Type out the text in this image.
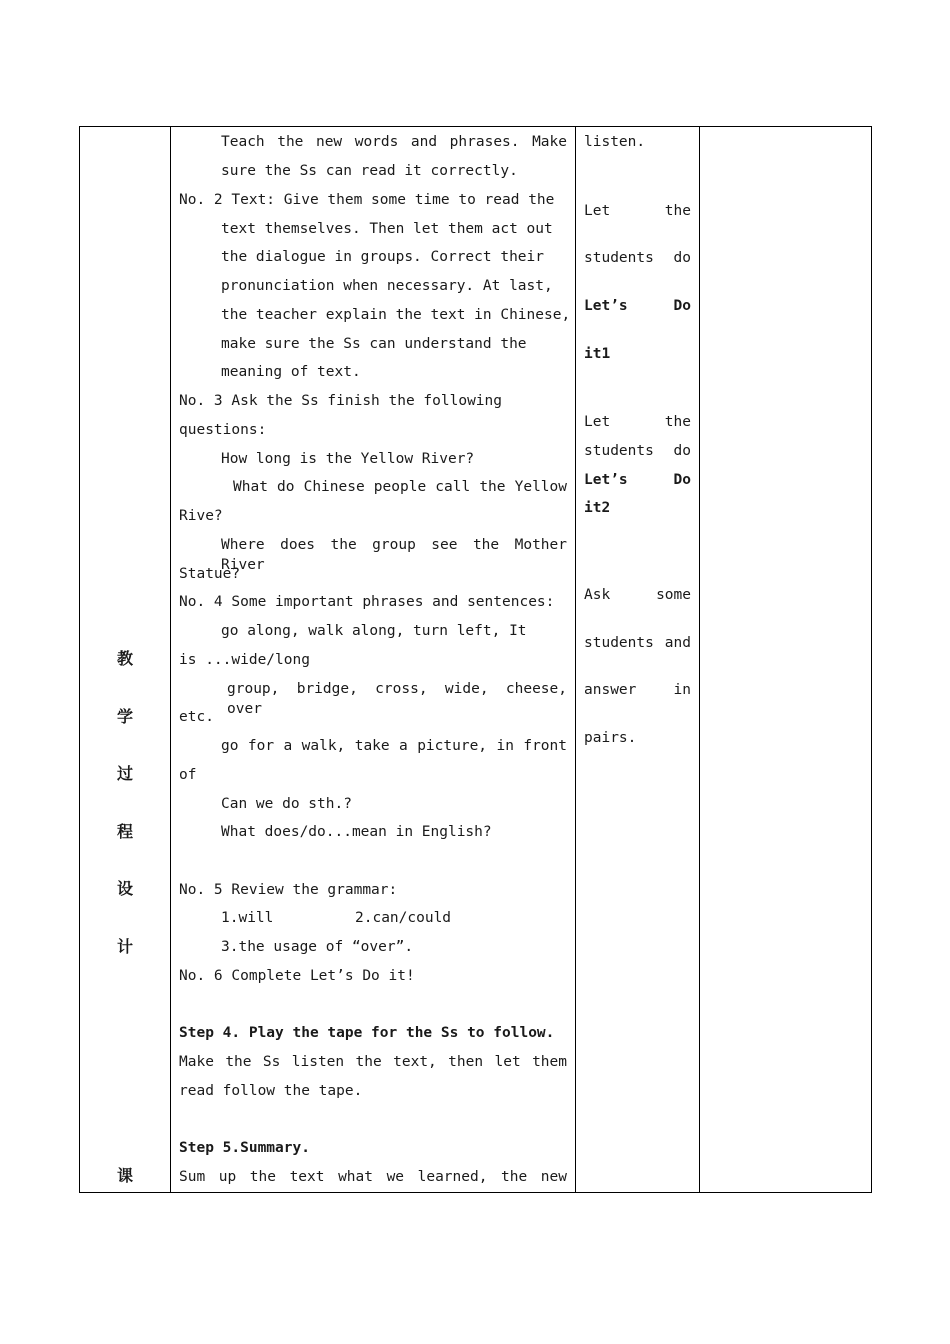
教
学
过
程
设
计
课
Teach the new words and phrases. Make
sure the Ss can read it correctly.
No. 2 Text: Give them some time to read the
text themselves. Then let them act out
the dialogue in groups. Correct their
pronunciation when necessary. At last,
the teacher explain the text in Chinese,
make sure the Ss can understand the
meaning of text.
No. 3 Ask the Ss finish the following
questions:
How long is the Yellow River?
What do Chinese people call the Yellow
Rive?
Where does the group see the Mother River
Statue?
No. 4 Some important phrases and sentences:
go along, walk along, turn left, It
is ...wide/long
group, bridge, cross, wide, cheese, over
etc.
go for a walk, take a picture, in front
of
Can we do sth.?
What does/do...mean in English?
No. 5 Review the grammar:
1.will	2.can/could
3.the usage of “over”.
No. 6 Complete Let’s Do it!
Step 4. Play the tape for the Ss to follow.
Make the Ss listen the text, then let them
read follow the tape.
Step 5.Summary.
Sum up the text what we learned, the new
listen.
Let the
students do
Let’s Do
it1
Let the
students do
Let’s Do
it2
Ask some
students and
answer in
pairs.
